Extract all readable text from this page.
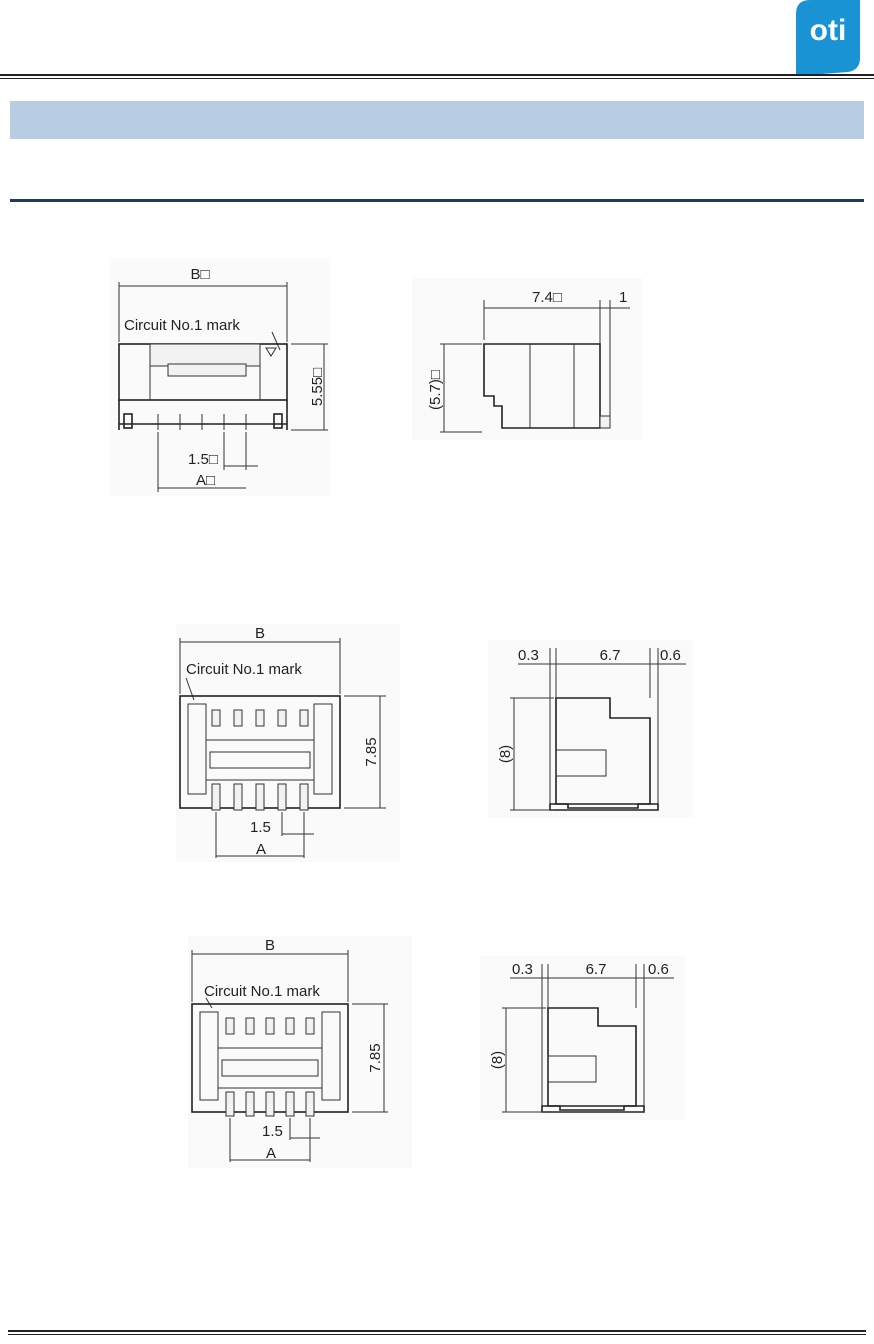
oti
B□
Circuit No.1 mark
5.55□
1.5□
A□
7.4□	1
(5.7)□
B
Circuit No.1 mark
7.85
1.5
A
0.3	6.7	0.6
(8)
B
Circuit No.1 mark
7.85
1.5
A
0.3	6.7	0.6
(8)
